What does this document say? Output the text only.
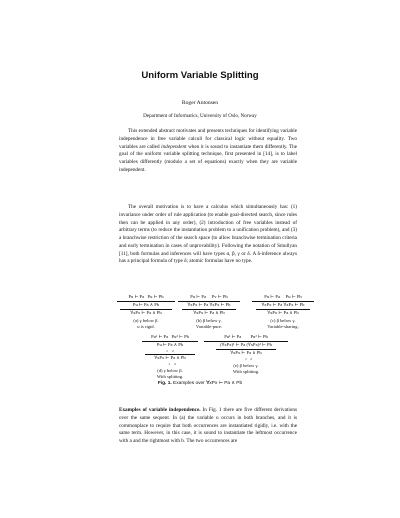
Uniform Variable Splitting
Roger Antonsen
Department of Informatics, University of Oslo, Norway

This extended abstract motivates and presents techniques for identifying variable independence in free variable calculi for classical logic without equality. Two variables are called independent when it is sound to instantiate them differently. The goal of the uniform variable splitting technique, first presented in [14], is to label variables differently (modulo a set of equations) exactly when they are variable independent.

The overall motivation is to have a calculus which simultaneously has: (1) invariance under order of rule application (to enable goal-directed search, since rules then can be applied in any order), (2) introduction of free variables instead of arbitrary terms (to reduce the instantiation problem to a unification problem), and (3) a branchwise restriction of the search space (to allow branchwise termination criteria and early termination in cases of unprovability). Following the notation of Smullyan [11], both formulas and inferences will have types α, β, γ or δ. A δ-inference always has a principal formula of type δ; atomic formulas have no type.

Pu ⊢ Pa Pu ⊢ Pb
Pu ⊢ Pa ∧ Pb
∀xPx ⊢ Pa ∧ Pb
(a) γ below β.
u is rigid.
Pu ⊢ Pa Pv ⊢ Pb
∀xPx ⊢ Pa ∀xPx ⊢ Pb
∀xPx ⊢ Pa ∧ Pb
(b) β below γ.
Variable-pure.
Pu ⊢ Pa Pu ⊢ Pb
∀xPx ⊢ Pa ∀xPx ⊢ Pb
∀xPx ⊢ Pa ∧ Pb
(c) β below γ.
Variable-sharing.
Pu¹ ⊢ Pa Pu² ⊢ Pb
Pu ⊢ Pa ∧ Pb
$_{1 2}$
∀xPx ⊢ Pa ∧ Pb
$_{1 2}$
(d) γ below β.
With splitting.
Pu¹ ⊢ Pa Pu² ⊢ Pb
(∀xPx)¹ ⊢ Pa (∀xPx)² ⊢ Pb
∀xPx ⊢ Pa ∧ Pb
$_{1 2}$
(e) β below γ.
With splitting.
Fig. 1. Examples over ∀xPx ⊢ Pa ∧ Pb

Examples of variable independence. In Fig. 1 there are five different derivations over the same sequent. In (a) the variable u occurs in both branches, and it is commonplace to require that both occurrences are instantiated rigidly, i.e. with the same term. However, in this case, it is sound to instantiate the leftmost occurrence with a and the rightmost with b. The two occurrences are
